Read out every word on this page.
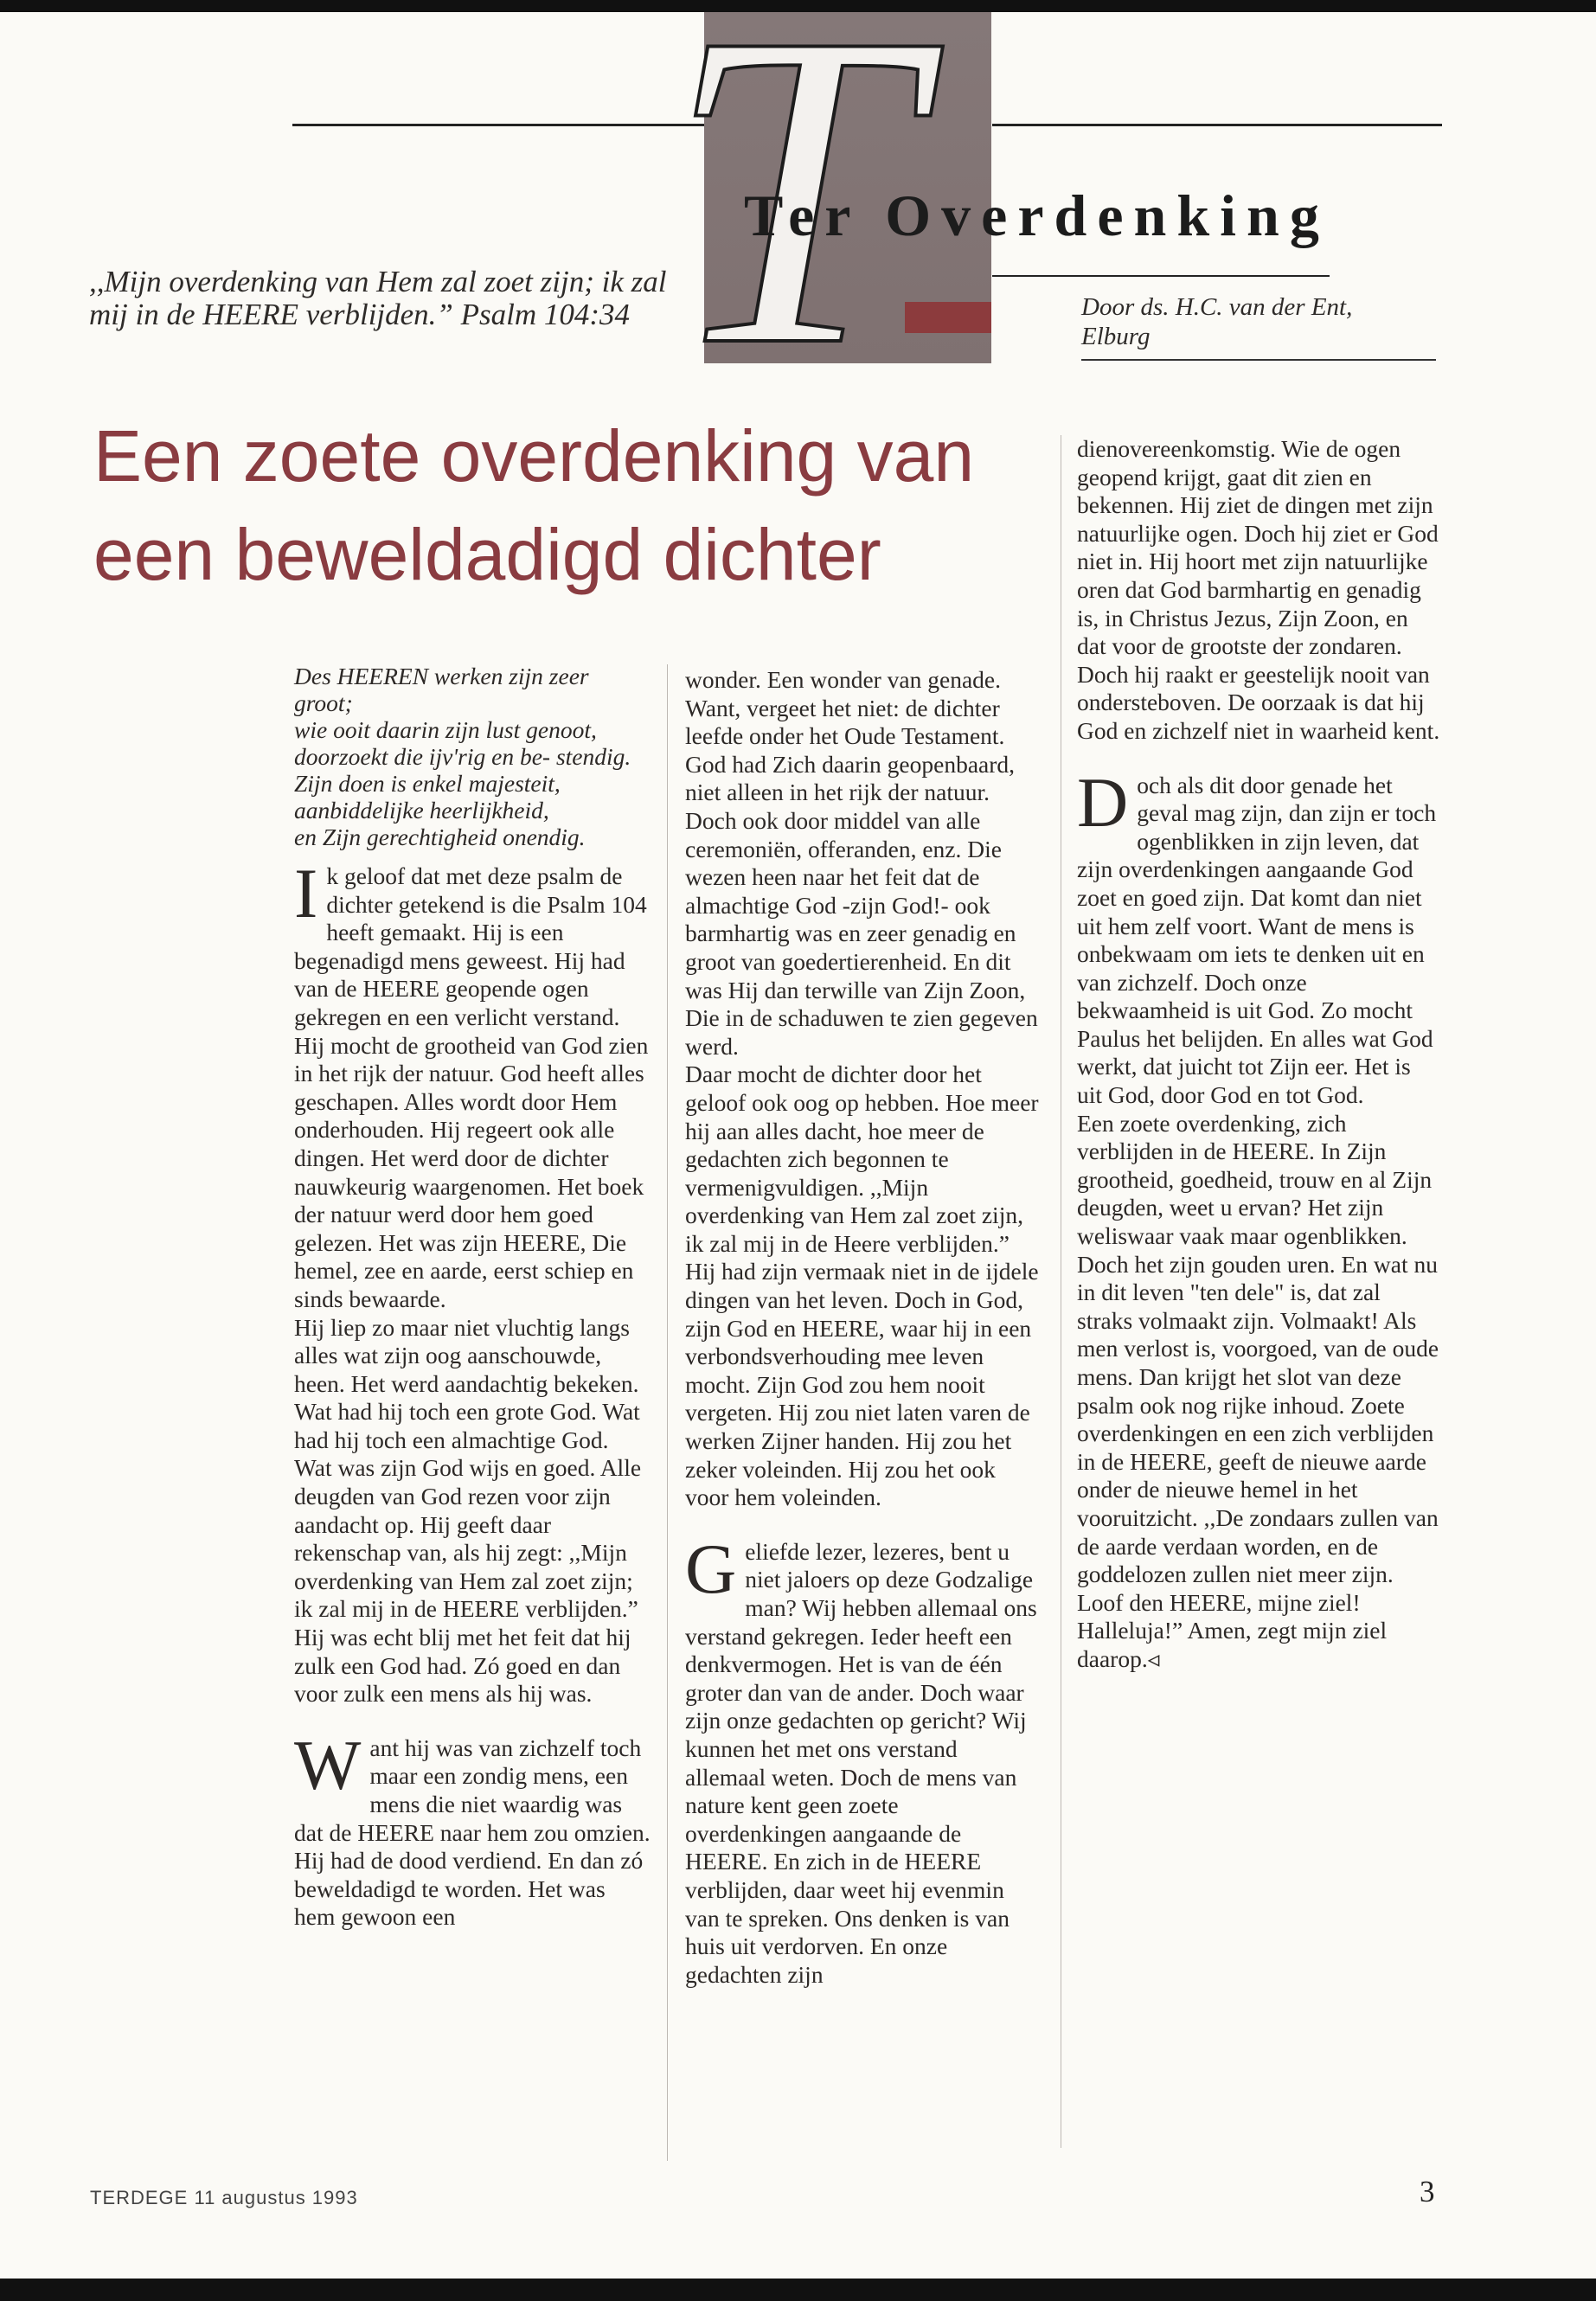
T
Ter Overdenking

,,Mijn overdenking van Hem zal zoet zijn; ik zal mij in de HEERE verblijden.” Psalm 104:34	Door ds. H.C. van der Ent, Elburg

Een zoete overdenking van een beweldadigd dichter
Des HEEREN werken zijn zeer groot;
wie ooit daarin zijn lust genoot,
doorzoekt die ijv'rig en be- stendig.
Zijn doen is enkel majesteit,
aanbiddelijke heerlijkheid,
en Zijn gerechtigheid onendig.

Ik geloof dat met deze psalm de dichter getekend is die Psalm 104 heeft gemaakt. Hij is een begenadigd mens geweest. Hij had van de HEERE geopende ogen gekregen en een verlicht verstand. Hij mocht de grootheid van God zien in het rijk der natuur. God heeft alles geschapen. Alles wordt door Hem onderhouden. Hij regeert ook alle dingen. Het werd door de dichter nauwkeurig waargenomen. Het boek der natuur werd door hem goed gelezen. Het was zijn HEERE, Die hemel, zee en aarde, eerst schiep en sinds bewaarde.

Hij liep zo maar niet vluchtig langs alles wat zijn oog aanschouwde, heen. Het werd aandachtig bekeken. Wat had hij toch een grote God. Wat had hij toch een almachtige God. Wat was zijn God wijs en goed. Alle deugden van God rezen voor zijn aandacht op. Hij geeft daar rekenschap van, als hij zegt: ,,Mijn overdenking van Hem zal zoet zijn; ik zal mij in de HEERE verblijden.” Hij was echt blij met het feit dat hij zulk een God had. Zó goed en dan voor zulk een mens als hij was.

Want hij was van zichzelf toch maar een zondig mens, een mens die niet waardig was dat de HEERE naar hem zou omzien. Hij had de dood verdiend. En dan zó beweldadigd te worden. Het was hem gewoon een

wonder. Een wonder van genade. Want, vergeet het niet: de dichter leefde onder het Oude Testament. God had Zich daarin geopenbaard, niet alleen in het rijk der natuur. Doch ook door middel van alle ceremoniën, offeranden, enz. Die wezen heen naar het feit dat de almachtige God -zijn God!- ook barmhartig was en zeer genadig en groot van goedertierenheid. En dit was Hij dan terwille van Zijn Zoon, Die in de schaduwen te zien gegeven werd.

Daar mocht de dichter door het geloof ook oog op hebben. Hoe meer hij aan alles dacht, hoe meer de gedachten zich begonnen te vermenigvuldigen. ,,Mijn overdenking van Hem zal zoet zijn, ik zal mij in de Heere verblijden.” Hij had zijn vermaak niet in de ijdele dingen van het leven. Doch in God, zijn God en HEERE, waar hij in een verbondsverhouding mee leven mocht. Zijn God zou hem nooit vergeten. Hij zou niet laten varen de werken Zijner handen. Hij zou het zeker voleinden. Hij zou het ook voor hem voleinden.

Geliefde lezer, lezeres, bent u niet jaloers op deze Godzalige man? Wij hebben allemaal ons verstand gekregen. Ieder heeft een denkvermogen. Het is van de één groter dan van de ander. Doch waar zijn onze gedachten op gericht? Wij kunnen het met ons verstand allemaal weten. Doch de mens van nature kent geen zoete overdenkingen aangaande de HEERE. En zich in de HEERE verblijden, daar weet hij evenmin van te spreken. Ons denken is van huis uit verdorven. En onze gedachten zijn

dienovereenkomstig. Wie de ogen geopend krijgt, gaat dit zien en bekennen. Hij ziet de dingen met zijn natuurlijke ogen. Doch hij ziet er God niet in. Hij hoort met zijn natuurlijke oren dat God barmhartig en genadig is, in Christus Jezus, Zijn Zoon, en dat voor de grootste der zondaren. Doch hij raakt er geestelijk nooit van ondersteboven. De oorzaak is dat hij God en zichzelf niet in waarheid kent.

Doch als dit door genade het geval mag zijn, dan zijn er toch ogenblikken in zijn leven, dat zijn overdenkingen aangaande God zoet en goed zijn. Dat komt dan niet uit hem zelf voort. Want de mens is onbekwaam om iets te denken uit en van zichzelf. Doch onze bekwaamheid is uit God. Zo mocht Paulus het belijden. En alles wat God werkt, dat juicht tot Zijn eer. Het is uit God, door God en tot God.

Een zoete overdenking, zich verblijden in de HEERE. In Zijn grootheid, goedheid, trouw en al Zijn deugden, weet u ervan? Het zijn weliswaar vaak maar ogenblikken. Doch het zijn gouden uren. En wat nu in dit leven "ten dele" is, dat zal straks volmaakt zijn. Volmaakt! Als men verlost is, voorgoed, van de oude mens. Dan krijgt het slot van deze psalm ook nog rijke inhoud. Zoete overdenkingen en een zich verblijden in de HEERE, geeft de nieuwe aarde onder de nieuwe hemel in het vooruitzicht. ,,De zondaars zullen van de aarde verdaan worden, en de goddelozen zullen niet meer zijn. Loof den HEERE, mijne ziel! Halleluja!” Amen, zegt mijn ziel daarop.◃

TERDEGE 11 augustus 1993	3
